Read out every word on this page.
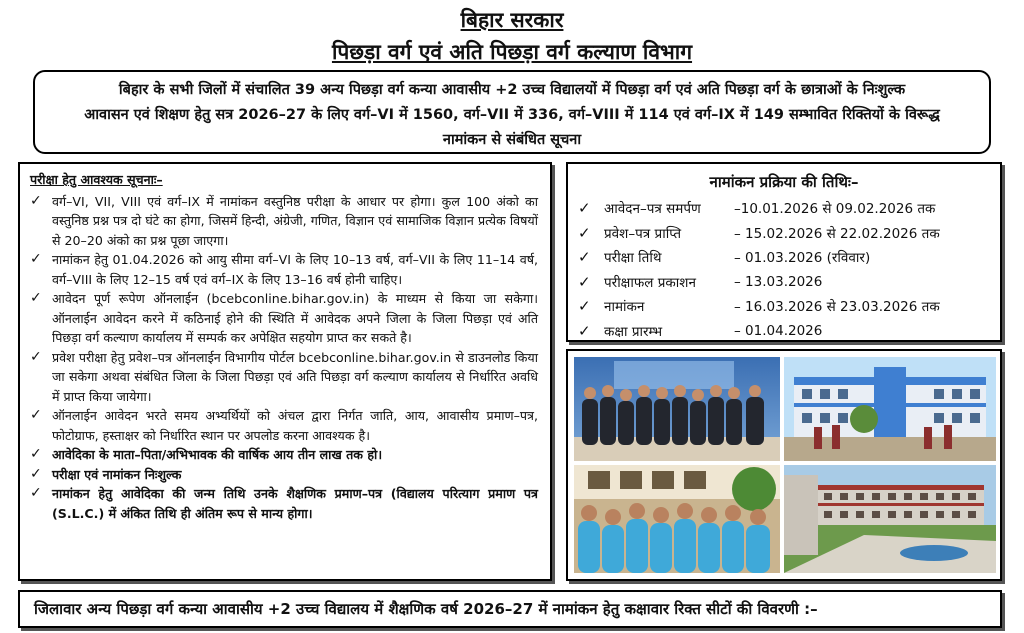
बिहार सरकार
पिछड़ा वर्ग एवं अति पिछड़ा वर्ग कल्याण विभाग
बिहार के सभी जिलों में संचालित 39 अन्य पिछड़ा वर्ग कन्या आवासीय +2 उच्च विद्यालयों में पिछड़ा वर्ग एवं अति पिछड़ा वर्ग के छात्राओं के निःशुल्क
आवासन एवं शिक्षण हेतु सत्र 2026–27 के लिए वर्ग–VI में 1560, वर्ग–VII में 336, वर्ग–VIII में 114 एवं वर्ग–IX में 149 सम्भावित रिक्तियों के विरूद्ध
नामांकन से संबंधित सूचना
परीक्षा हेतु आवश्यक सूचनाः–
✓ वर्ग–VI, VII, VIII एवं वर्ग–IX में नामांकन वस्तुनिष्ठ परीक्षा के आधार पर होगा। कुल 100 अंको का वस्तुनिष्ठ प्रश्न पत्र दो घंटे का होगा, जिसमें हिन्दी, अंग्रेजी, गणित, विज्ञान एवं सामाजिक विज्ञान प्रत्येक विषयों से 20–20 अंको का प्रश्न पूछा जाएगा।
✓ नामांकन हेतु 01.04.2026 को आयु सीमा वर्ग–VI के लिए 10–13 वर्ष, वर्ग–VII के लिए 11–14 वर्ष, वर्ग–VIII के लिए 12–15 वर्ष एवं वर्ग–IX के लिए 13–16 वर्ष होनी चाहिए।
✓ आवेदन पूर्ण रूपेण ऑनलाईन (bcebconline.bihar.gov.in) के माध्यम से किया जा सकेगा। ऑनलाईन आवेदन करने में कठिनाई होने की स्थिति में आवेदक अपने जिला के जिला पिछड़ा एवं अति पिछड़ा वर्ग कल्याण कार्यालय में सम्पर्क कर अपेक्षित सहयोग प्राप्त कर सकते है।
✓ प्रवेश परीक्षा हेतु प्रवेश–पत्र ऑनलाईन विभागीय पोर्टल bcebconline.bihar.gov.in से डाउनलोड किया जा सकेगा अथवा संबंधित जिला के जिला पिछड़ा एवं अति पिछड़ा वर्ग कल्याण कार्यालय से निर्धारित अवधि में प्राप्त किया जायेगा।
✓ ऑनलाईन आवेदन भरते समय अभ्यर्थियों को अंचल द्वारा निर्गत जाति, आय, आवासीय प्रमाण–पत्र, फोटोग्राफ, हस्ताक्षर को निर्धारित स्थान पर अपलोड करना आवश्यक है।
✓ आवेदिका के माता–पिता/अभिभावक की वार्षिक आय तीन लाख तक हो।
✓ परीक्षा एवं नामांकन निःशुल्क
✓ नामांकन हेतु आवेदिका की जन्म तिथि उनके शैक्षणिक प्रमाण–पत्र (विद्यालय परित्याग प्रमाण पत्र (S.L.C.) में अंकित तिथि ही अंतिम रूप से मान्य होगा।
नामांकन प्रक्रिया की तिथिः–
✓ आवेदन–पत्र समर्पण	–10.01.2026 से 09.02.2026 तक
✓ प्रवेश–पत्र प्राप्ति	– 15.02.2026 से 22.02.2026 तक
✓ परीक्षा तिथि	– 01.03.2026 (रविवार)
✓ परीक्षाफल प्रकाशन	– 13.03.2026
✓ नामांकन	– 16.03.2026 से 23.03.2026 तक
✓ कक्षा प्रारम्भ	– 01.04.2026
जिलावार अन्य पिछड़ा वर्ग कन्या आवासीय +2 उच्च विद्यालय में शैक्षणिक वर्ष 2026–27 में नामांकन हेतु कक्षावार रिक्त सीटों की विवरणी :–
